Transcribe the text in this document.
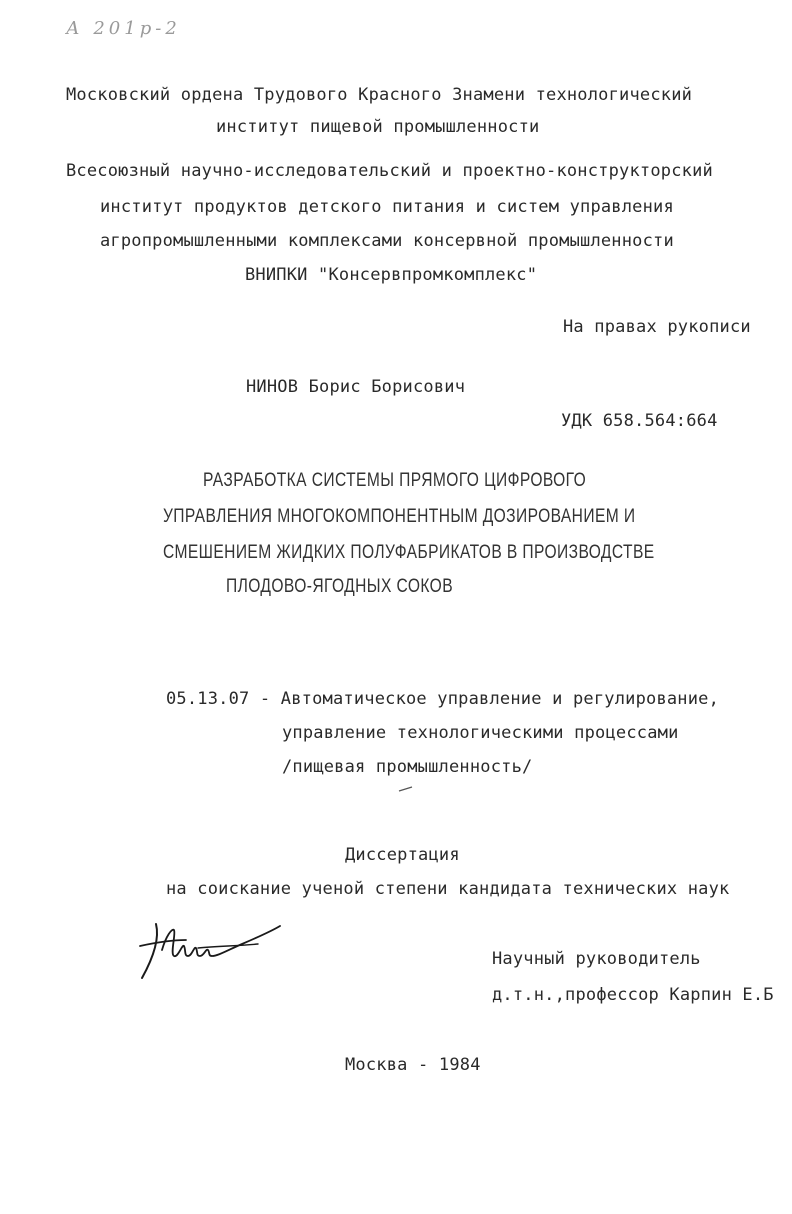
А 201р-2
Московский ордена Трудового Красного Знамени технологический
институт пищевой промышленности
Всесоюзный научно-исследовательский и проектно-конструкторский
институт продуктов детского питания и систем управления
агропромышленными комплексами консервной промышленности
ВНИПКИ "Консервпромкомплекс"
На правах рукописи
НИНОВ Борис Борисович
УДК 658.564:664
РАЗРАБОТКА СИСТЕМЫ ПРЯМОГО ЦИФРОВОГО
УПРАВЛЕНИЯ МНОГОКОМПОНЕНТНЫМ ДОЗИРОВАНИЕМ И
СМЕШЕНИЕМ ЖИДКИХ ПОЛУФАБРИКАТОВ В ПРОИЗВОДСТВЕ
ПЛОДОВО-ЯГОДНЫХ СОКОВ
05.13.07 - Автоматическое управление и регулирование,
управление технологическими процессами
/пищевая промышленность/
Диссертация
на соискание ученой степени кандидата технических наук
Научный руководитель
д.т.н.,профессор Карпин Е.Б
Москва - 1984
